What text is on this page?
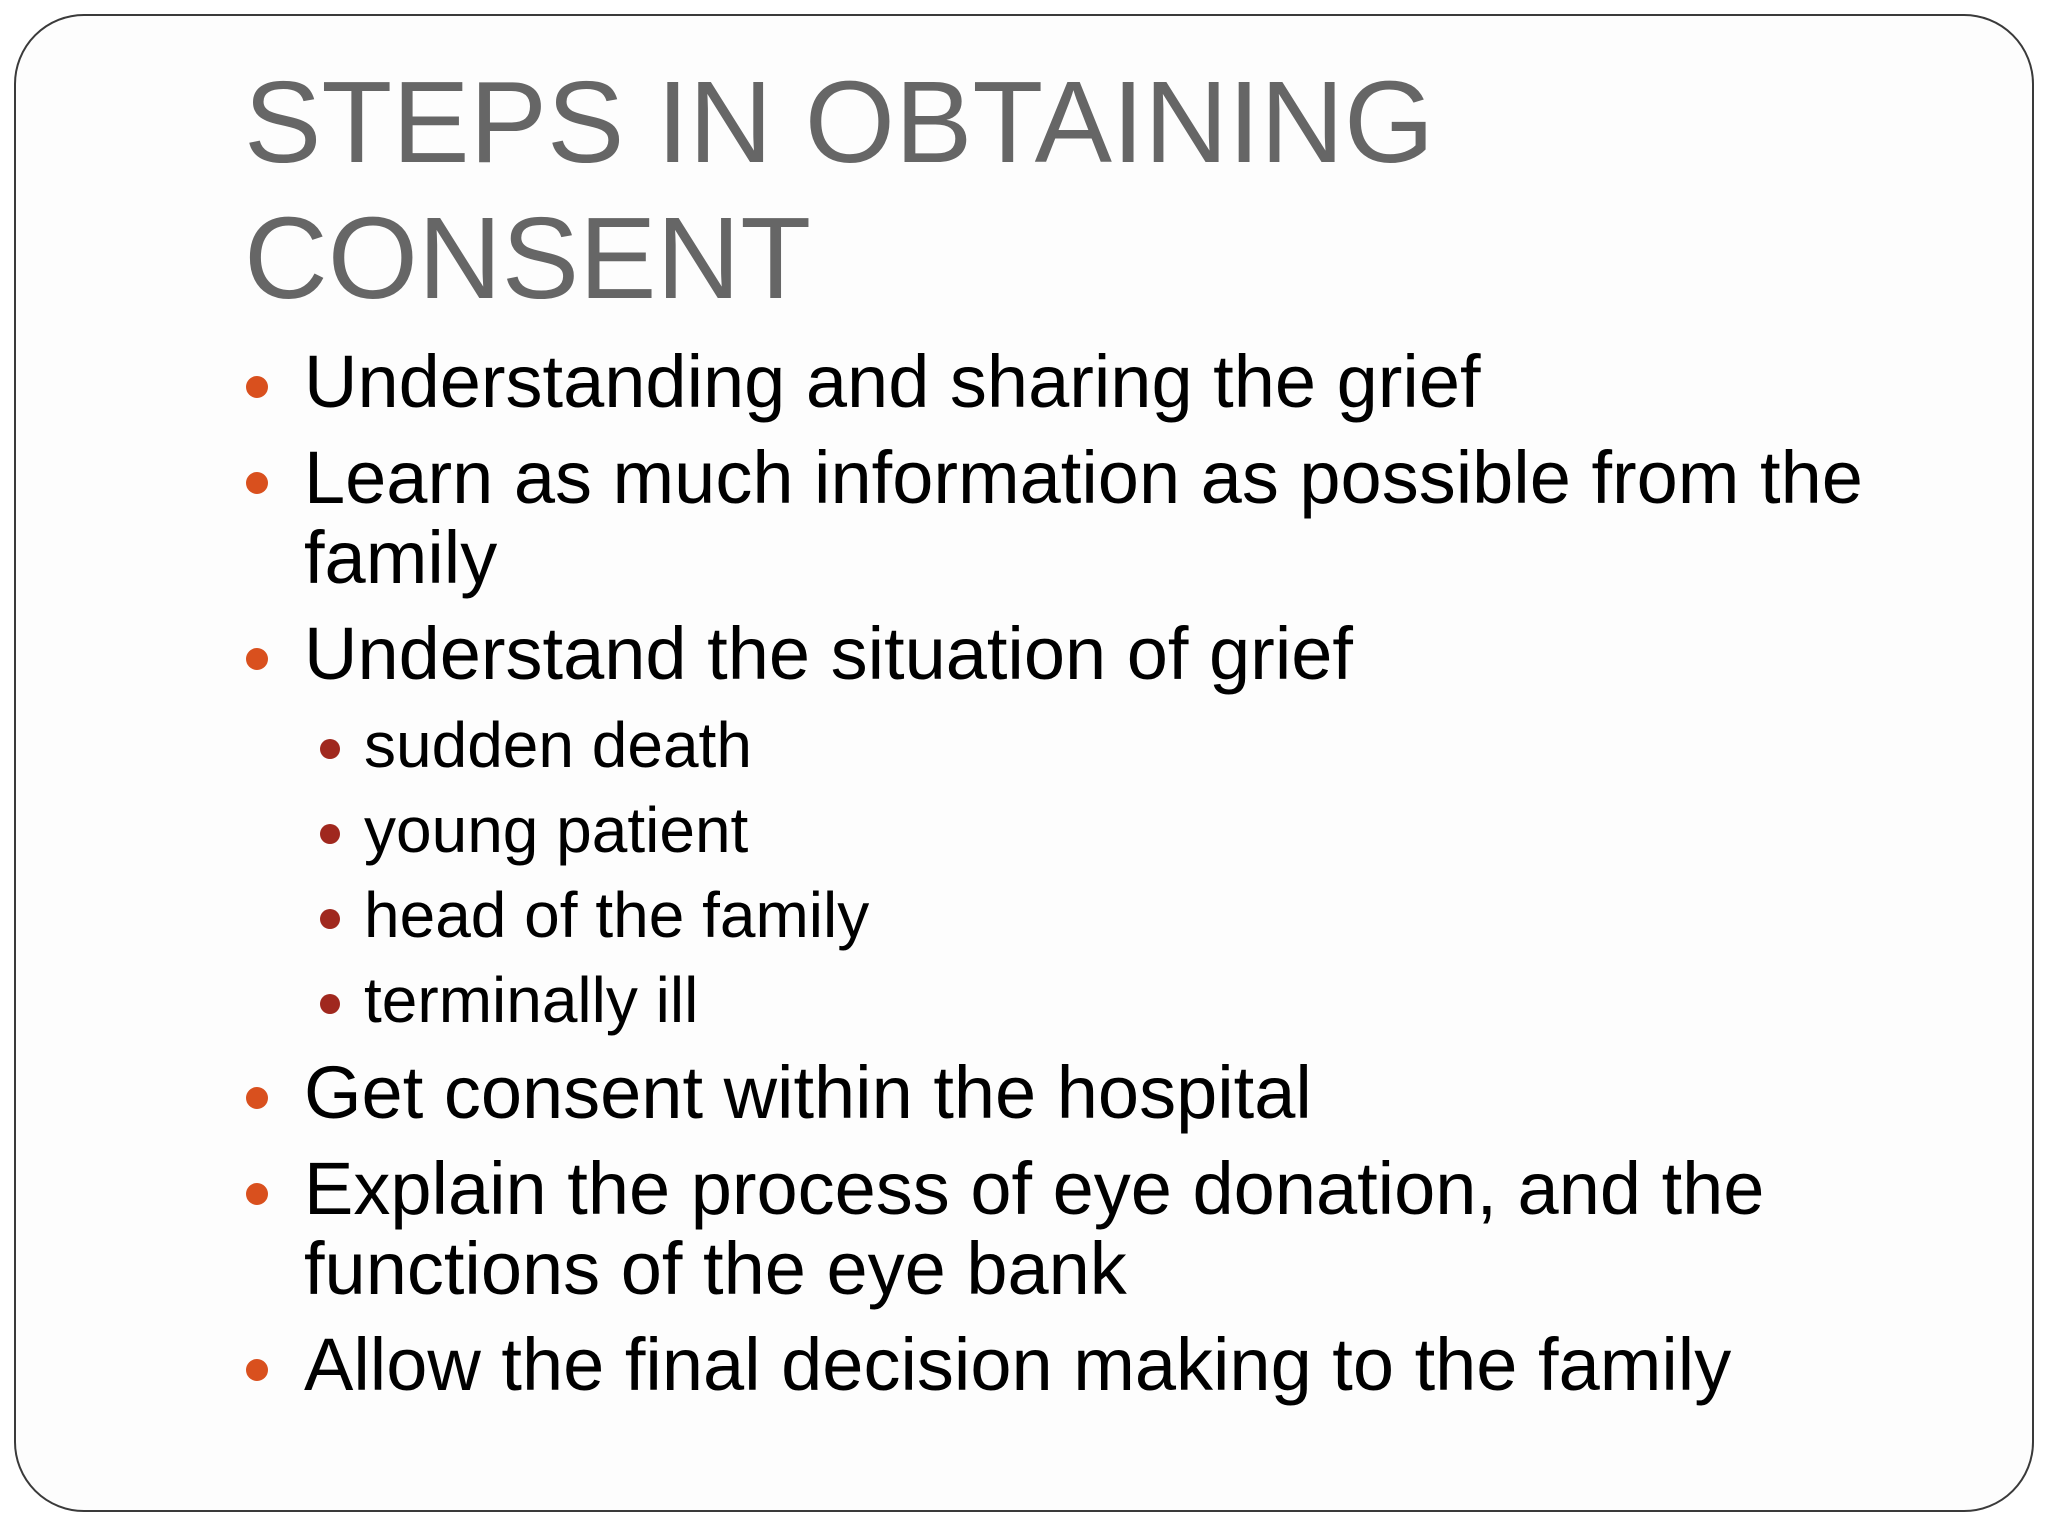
STEPS IN OBTAINING CONSENT
Understanding and sharing the grief
Learn as much information as possible from the family
Understand the situation of grief
sudden death
young patient
head of the family
terminally ill
Get consent within the hospital
Explain the process of eye donation, and the functions of the eye bank
Allow the final decision making to the family
